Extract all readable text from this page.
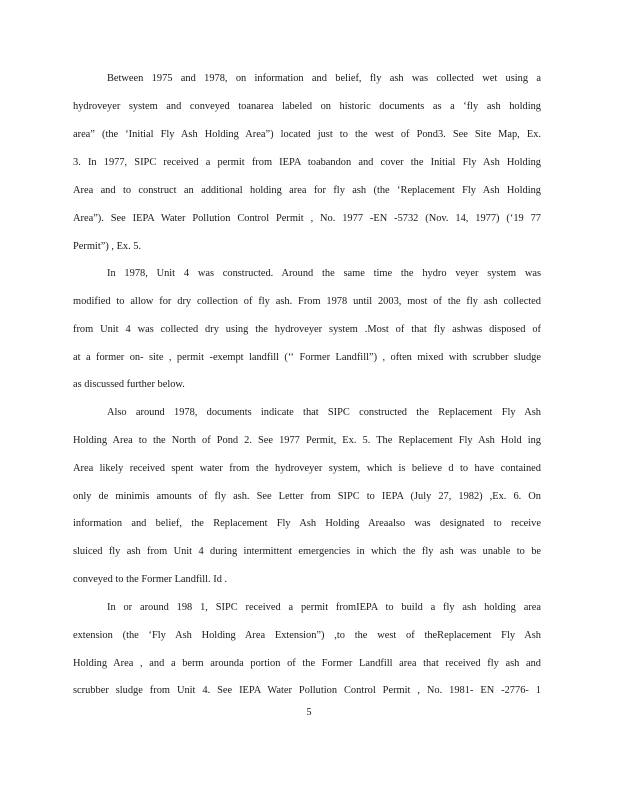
Between 1975 and 1978, on information and belief, fly ash was collected wet using a
hydroveyer system and conveyed toanarea labeled on historic documents as a ‘fly ash holding
area” (the ‘Initial Fly Ash Holding Area”) located just to the west of Pond3. See Site Map, Ex.
3. In 1977, SIPC received a permit from IEPA toabandon and cover the Initial Fly Ash Holding
Area and to construct an additional holding area for fly ash (the ‘Replacement Fly Ash Holding
Area”). See IEPA Water Pollution Control Permit , No. 1977 -EN -5732 (Nov. 14, 1977) (‘19 77
Permit”) , Ex. 5.
In 1978, Unit 4 was constructed. Around the same time the hydro veyer system was
modified to allow for dry collection of fly ash. From 1978 until 2003, most of the fly ash collected
from Unit 4 was collected dry using the hydroveyer system .Most of that fly ashwas disposed of
at a former on- site , permit -exempt landfill (‘‘ Former Landfill”) , often mixed with scrubber sludge
as discussed further below.
Also around 1978, documents indicate that SIPC constructed the Replacement Fly Ash
Holding Area to the North of Pond 2. See 1977 Permit, Ex. 5. The Replacement Fly Ash Hold ing
Area likely received spent water from the hydroveyer system, which is believe d to have contained
only de minimis amounts of fly ash. See Letter from SIPC to IEPA (July 27, 1982) ,Ex. 6. On
information and belief, the Replacement Fly Ash Holding Areaalso was designated to receive
sluiced fly ash from Unit 4 during intermittent emergencies in which the fly ash was unable to be
conveyed to the Former Landfill. Id .
In or around 198 1, SIPC received a permit fromIEPA to build a fly ash holding area
extension (the ‘Fly Ash Holding Area Extension”) ,to the west of theReplacement Fly Ash
Holding Area , and a berm arounda portion of the Former Landfill area that received fly ash and
scrubber sludge from Unit 4. See IEPA Water Pollution Control Permit , No. 1981- EN -2776- 1
5
